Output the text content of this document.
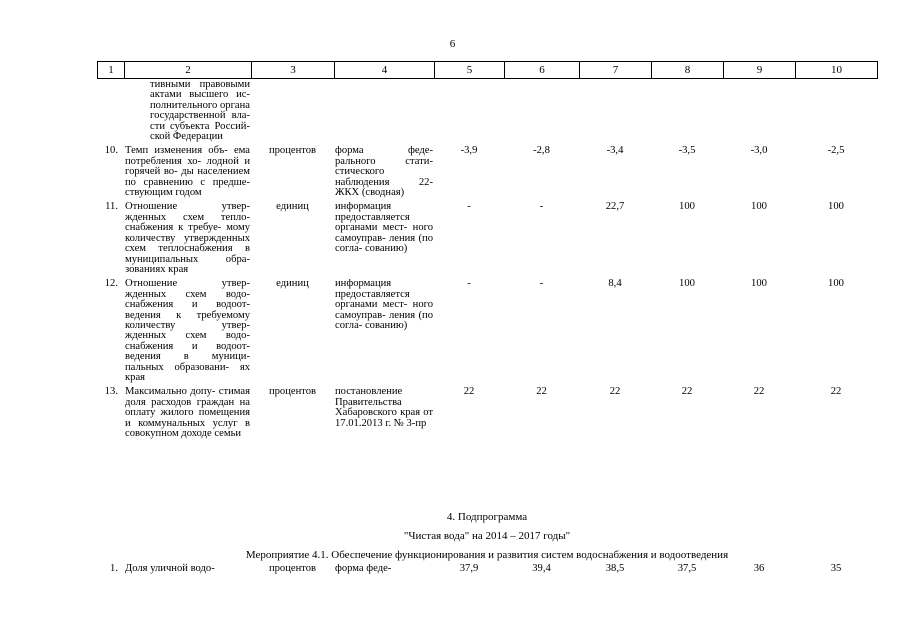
6
1	2	3	4	5	6	7	8	9	10
	тивными правовыми актами высшего ис- полнительного органа государственной вла- сти субъекта Россий- ской Федерации								
10.	Темп изменения объ- ема потребления хо- лодной и горячей во- ды населением по сравнению с предше- ствующим годом	процентов	форма феде- рального стати- стического наблюдения 22- ЖКХ (сводная)	-3,9	-2,8	-3,4	-3,5	-3,0	-2,5
11.	Отношение утвер- жденных схем тепло- снабжения к требуе- мому количеству утвержденных схем теплоснабжения в муниципальных обра- зованиях края	единиц	информация предоставляется органами мест- ного самоуправ- ления (по согла- сованию)	-	-	22,7	100	100	100
12.	Отношение утвер- жденных схем водо- снабжения и водоот- ведения к требуемому количеству утвер- жденных схем водо- снабжения и водоот- ведения в муници- пальных образовани- ях края	единиц	информация предоставляется органами мест- ного самоуправ- ления (по согла- сованию)	-	-	8,4	100	100	100
13.	Максимально допу- стимая доля расходов граждан на оплату жилого помещения и коммунальных услуг в совокупном доходе семьи	процентов	постановление Правительства Хабаровского края от 17.01.2013 г. № 3-пр	22	22	22	22	22	22
4. Подпрограмма
"Чистая вода" на 2014 – 2017 годы"
Мероприятие 4.1. Обеспечение функционирования и развития систем водоснабжения и водоотведения
1.	Доля уличной водо-	процентов	форма феде-	37,9	39,4	38,5	37,5	36	35
